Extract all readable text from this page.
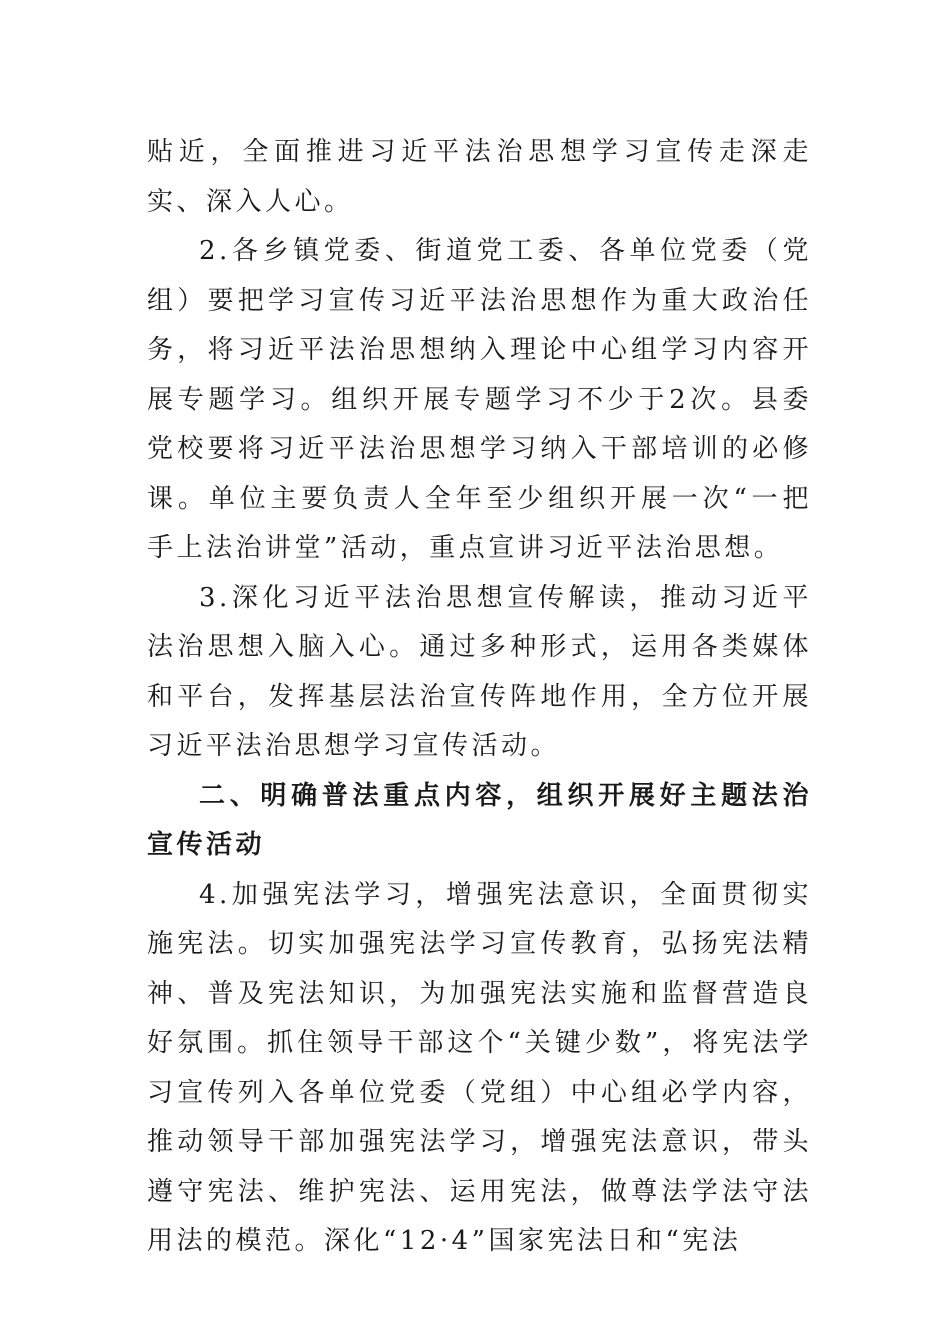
贴近，全面推进习近平法治思想学习宣传走深走实、深入人心。

2.各乡镇党委、街道党工委、各单位党委（党组）要把学习宣传习近平法治思想作为重大政治任务，将习近平法治思想纳入理论中心组学习内容开展专题学习。组织开展专题学习不少于2次。县委党校要将习近平法治思想学习纳入干部培训的必修课。单位主要负责人全年至少组织开展一次“一把手上法治讲堂”活动，重点宣讲习近平法治思想。

3.深化习近平法治思想宣传解读，推动习近平法治思想入脑入心。通过多种形式，运用各类媒体和平台，发挥基层法治宣传阵地作用，全方位开展习近平法治思想学习宣传活动。

二、明确普法重点内容，组织开展好主题法治宣传活动

4.加强宪法学习，增强宪法意识，全面贯彻实施宪法。切实加强宪法学习宣传教育，弘扬宪法精神、普及宪法知识，为加强宪法实施和监督营造良好氛围。抓住领导干部这个“关键少数”，将宪法学习宣传列入各单位党委（党组）中心组必学内容，推动领导干部加强宪法学习，增强宪法意识，带头遵守宪法、维护宪法、运用宪法，做尊法学法守法用法的模范。深化“12·4”国家宪法日和“宪法
